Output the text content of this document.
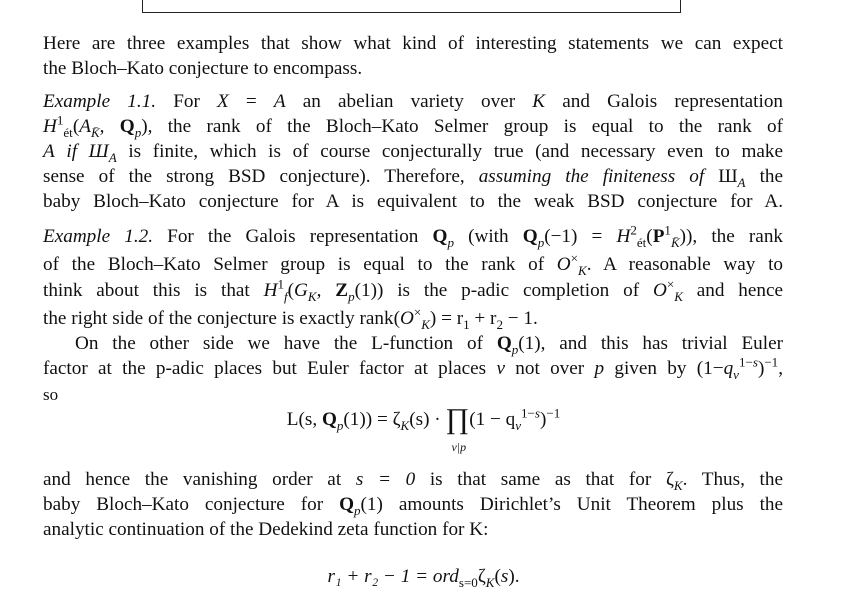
Here are three examples that show what kind of interesting statements we can expect
the Bloch–Kato conjecture to encompass.
Example 1.1. For X = A an abelian variety over K and Galois representation
$H^1_{ét}(A_{K̄}$, $Q_p$), the rank of the Bloch–Kato Selmer group is equal to the rank of
A if $Ш_A$ is finite, which is of course conjecturally true (and necessary even to make
sense of the strong BSD conjecture). Therefore, assuming the finiteness of $Ш_A$ the
baby Bloch–Kato conjecture for A is equivalent to the weak BSD conjecture for A.
Example 1.2. For the Galois representation $Q_p$ (with $Q_p(-1) = H^2_{ét}(P^1_{K̄})$), the rank
of the Bloch–Kato Selmer group is equal to the rank of $O^\times_K$. A reasonable way to
think about this is that $H^1_f(G_K$, $Z_p(1)$) is the p-adic completion of $O^\times_K$ and hence
the right side of the conjecture is exactly $rank(O^\times_K) = r_1 + r_2 - 1$.
On the other side we have the L-function of $Q_p(1)$, and this has trivial Euler
factor at the p-adic places but Euler factor at places v not over p given by $(1-q_v^{1-s})^{-1}$,
so
L(s, $Q_p(1)) = \zeta_K(s)$ · ∏
v|p
$(1 - q_v^{1-s})^{-1}$
and hence the vanishing order at s = 0 is that same as that for $\zeta_K$. Thus, the
baby Bloch–Kato conjecture for $Q_p(1)$ amounts Dirichlet’s Unit Theorem plus the
analytic continuation of the Dedekind zeta function for K:
$r_1 + r_2 - 1 = ord_{s=0}\zeta_K(s)$.
